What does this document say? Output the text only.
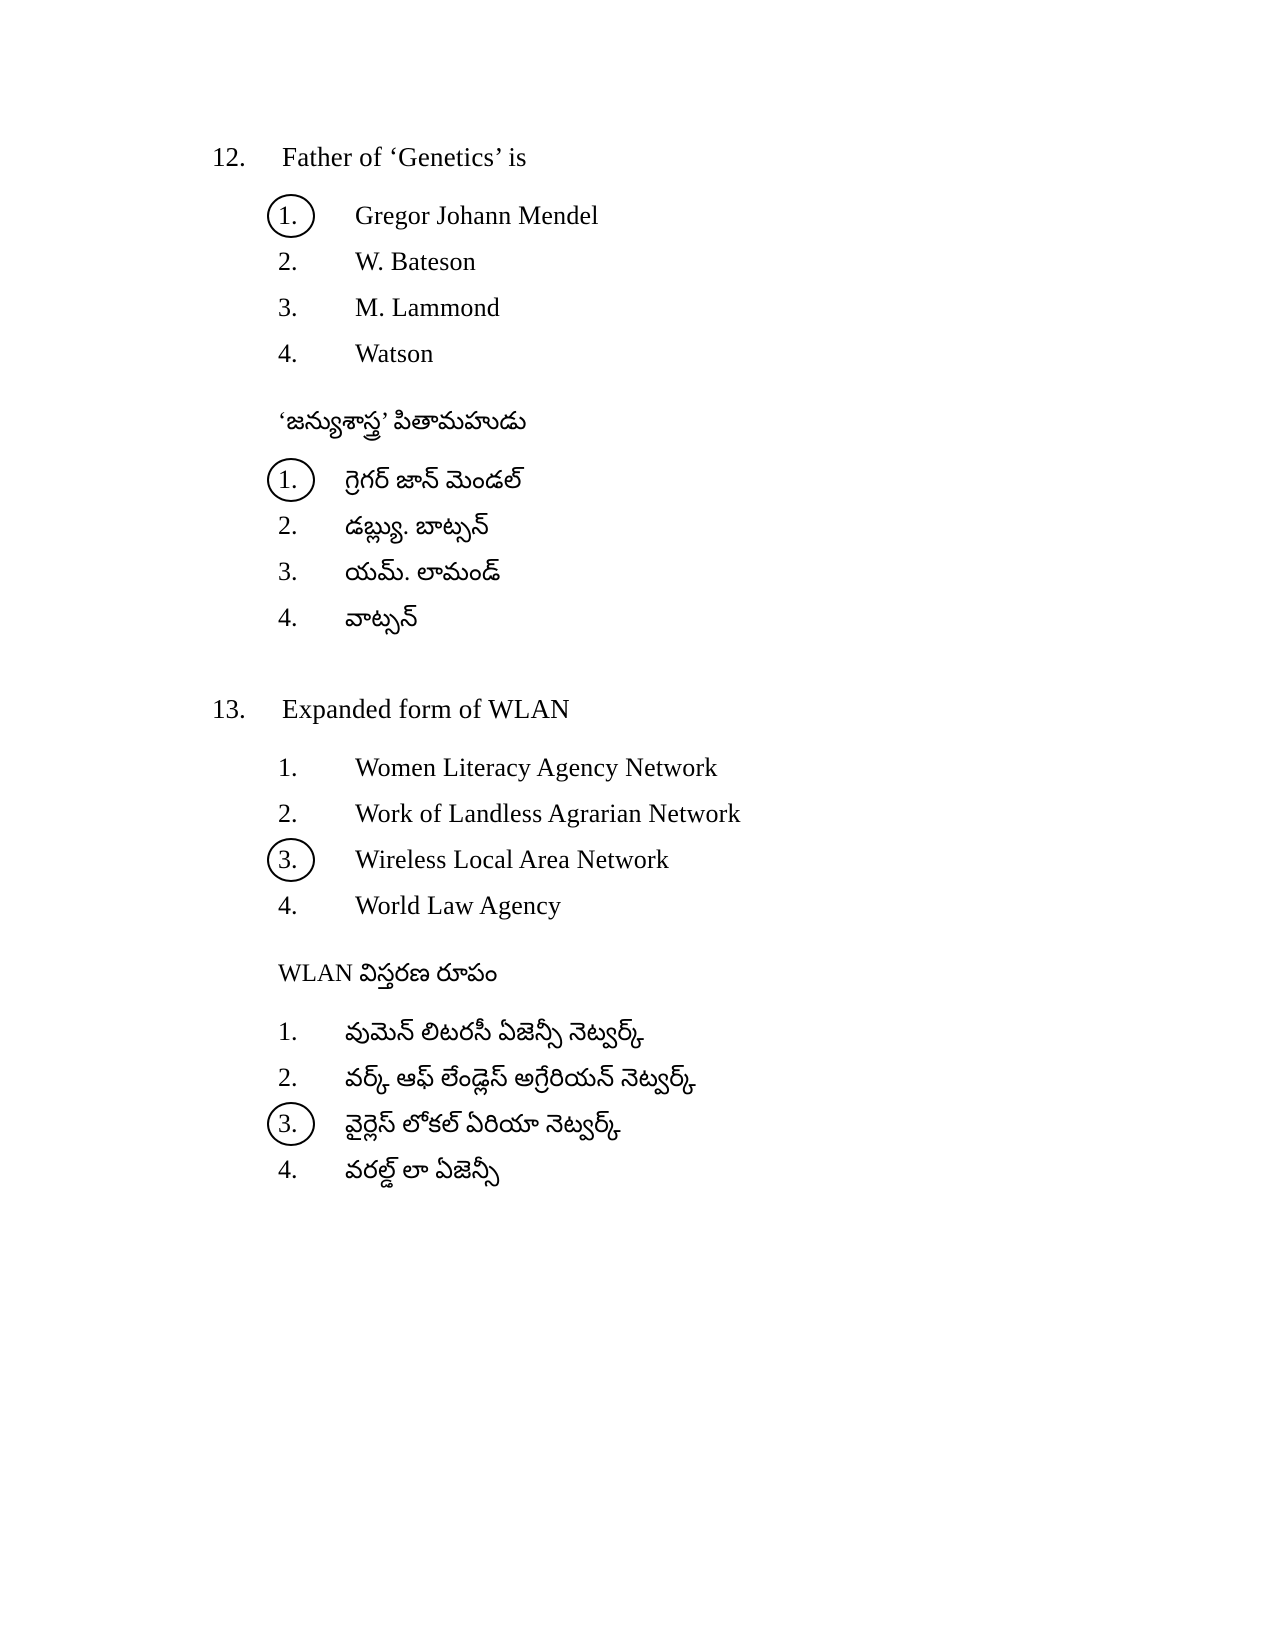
12.	Father of ‘Genetics’ is
1.	Gregor Johann Mendel
2.	W. Bateson
3.	M. Lammond
4.	Watson
‘జన్యుశాస్త్ర’ పితామహుడు
1.	గ్రెగర్ జాన్ మెండల్
2.	డబ్ల్యు. బాట్సన్
3.	యమ్. లామండ్
4.	వాట్సన్
13.	Expanded form of WLAN
1.	Women Literacy Agency Network
2.	Work of Landless Agrarian Network
3.	Wireless Local Area Network
4.	World Law Agency
WLAN విస్తరణ రూపం
1.	వుమెన్ లిటరసీ ఏజెన్సీ నెట్వర్క్
2.	వర్క్ ఆఫ్ లేండ్లెస్ అగ్రేరియన్ నెట్వర్క్
3.	వైర్లెస్ లోకల్ ఏరియా నెట్వర్క్
4.	వరల్డ్ లా ఏజెన్సీ
